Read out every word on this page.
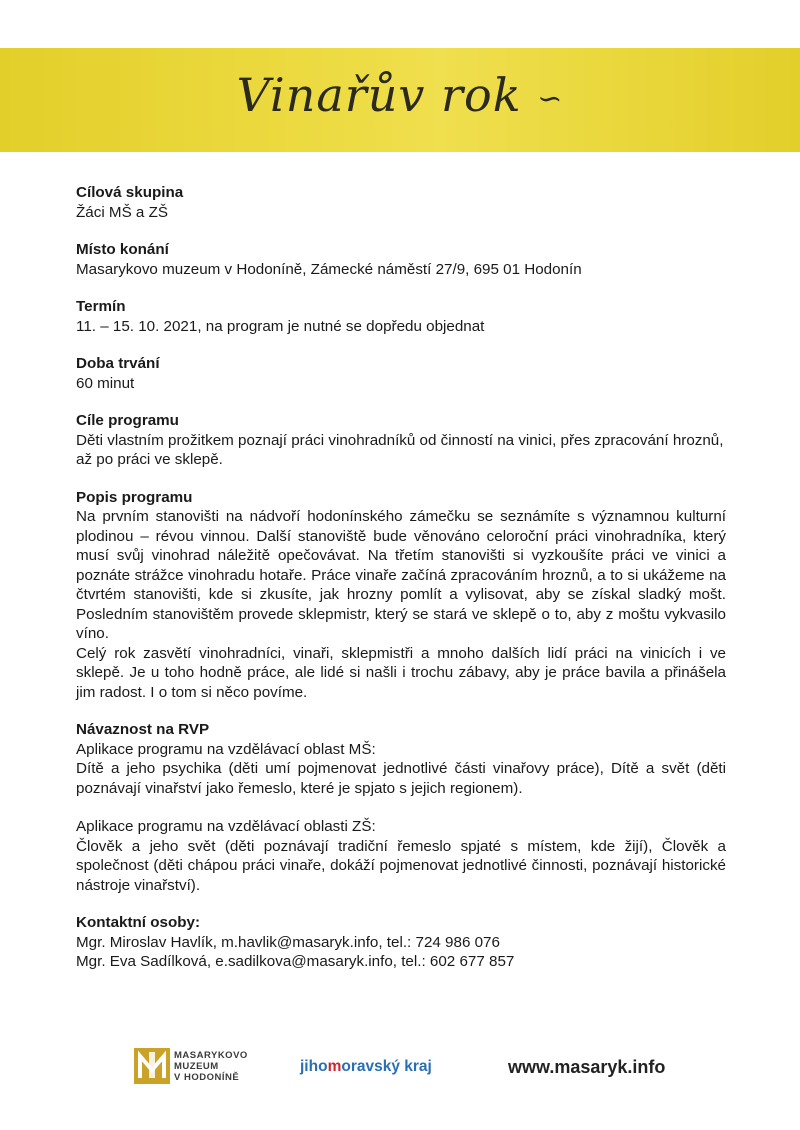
Vinařův rok ∽
Cílová skupina

Žáci MŠ a ZŠ

Místo konání

Masarykovo muzeum v Hodoníně, Zámecké náměstí 27/9, 695 01 Hodonín

Termín

11. – 15. 10. 2021, na program je nutné se dopředu objednat

Doba trvání

60 minut

Cíle programu

Děti vlastním prožitkem poznají práci vinohradníků od činností na vinici, přes zpracování hroznů, až po práci ve sklepě.

Popis programu

Na prvním stanovišti na nádvoří hodonínského zámečku se seznámíte s významnou kulturní plodinou – révou vinnou. Další stanoviště bude věnováno celoroční práci vinohradníka, který musí svůj vinohrad náležitě opečovávat. Na třetím stanovišti si vyzkoušíte práci ve vinici a poznáte strážce vinohradu hotaře. Práce vinaře začíná zpracováním hroznů, a to si ukážeme na čtvrtém stanovišti, kde si zkusíte, jak hrozny pomlít a vylisovat, aby se získal sladký mošt. Posledním stanovištěm provede sklepmistr, který se stará ve sklepě o to, aby z moštu vykvasilo víno.

Celý rok zasvětí vinohradníci, vinaři, sklepmistři a mnoho dalších lidí práci na vinicích i ve sklepě. Je u toho hodně práce, ale lidé si našli i trochu zábavy, aby je práce bavila a přinášela jim radost. I o tom si něco povíme.

Návaznost na RVP

Aplikace programu na vzdělávací oblast MŠ:

Dítě a jeho psychika (děti umí pojmenovat jednotlivé části vinařovy práce), Dítě a svět (děti poznávají vinařství jako řemeslo, které je spjato s jejich regionem).

Aplikace programu na vzdělávací oblasti ZŠ:

Člověk a jeho svět (děti poznávají tradiční řemeslo spjaté s místem, kde žijí), Člověk a společnost (děti chápou práci vinaře, dokáží pojmenovat jednotlivé činnosti, poznávají historické nástroje vinařství).

Kontaktní osoby:

Mgr. Miroslav Havlík, m.havlik@masaryk.info, tel.: 724 986 076

Mgr. Eva Sadílková, e.sadilkova@masaryk.info, tel.: 602 677 857

MASARYKOVO
MUZEUM
V HODONÍNĚ
jihomoravský kraj	www.masaryk.info
